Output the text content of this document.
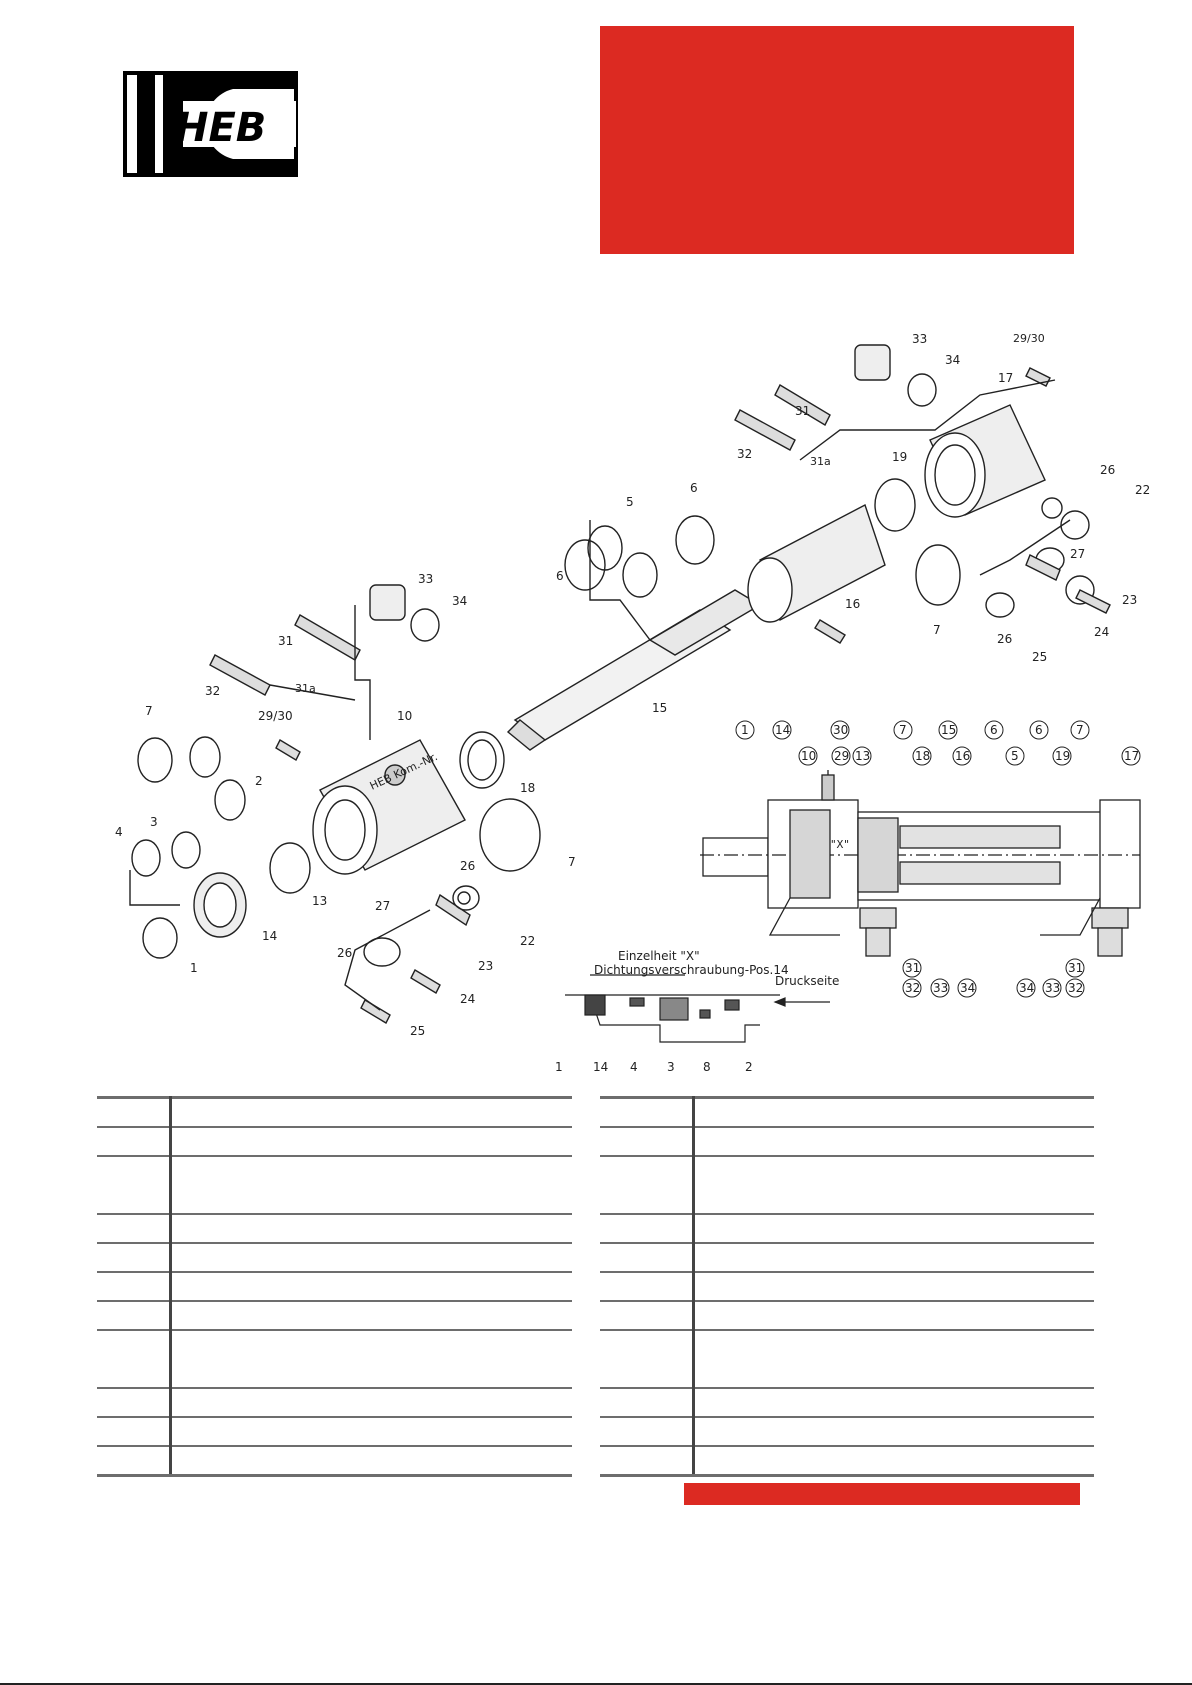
HEB
33
34
31
32	31a
29/30	10
7
2
3
4
1
14
13
18
7
26
22
27
23
26
24
25
6
5
6
15
16
HEB Kom.-Nr.
33
34
29/30
31
17
32
31a	19
26
22
27
23
7
26	24
25
1 14
10
30
29 13
7
18
15
16
6
5
6
19
7
17
"X"
31
32 33 34	34 33
31
32
Einzelheit "X"
Dichtungsverschraubung-Pos.14
Druckseite
1	14 4 3 8	2
